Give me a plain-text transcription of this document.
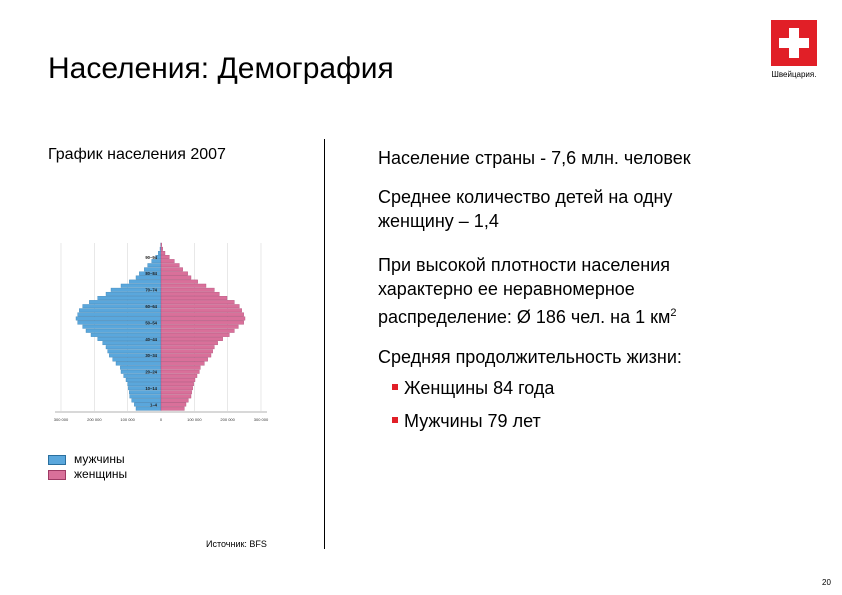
Населения: Демография	Швейцария.
График населения 2007
300 000	200 000	100 000	0	100 000	200 000	300 000
1–4
10–14
20–24
30–34
40–44
50–54
60–64
70–74
80–84
90–94
мужчины
женщины
Источник: BFS
Население страны - 7,6 млн. человек
Среднее количество детей на одну
женщину – 1,4
При высокой плотности населения
характерно ее неравномерное
распределение: Ø 186 чел. на 1 $км^2$
Средняя продолжительность жизни:
Женщины 84 года
Мужчины 79 лет
20
